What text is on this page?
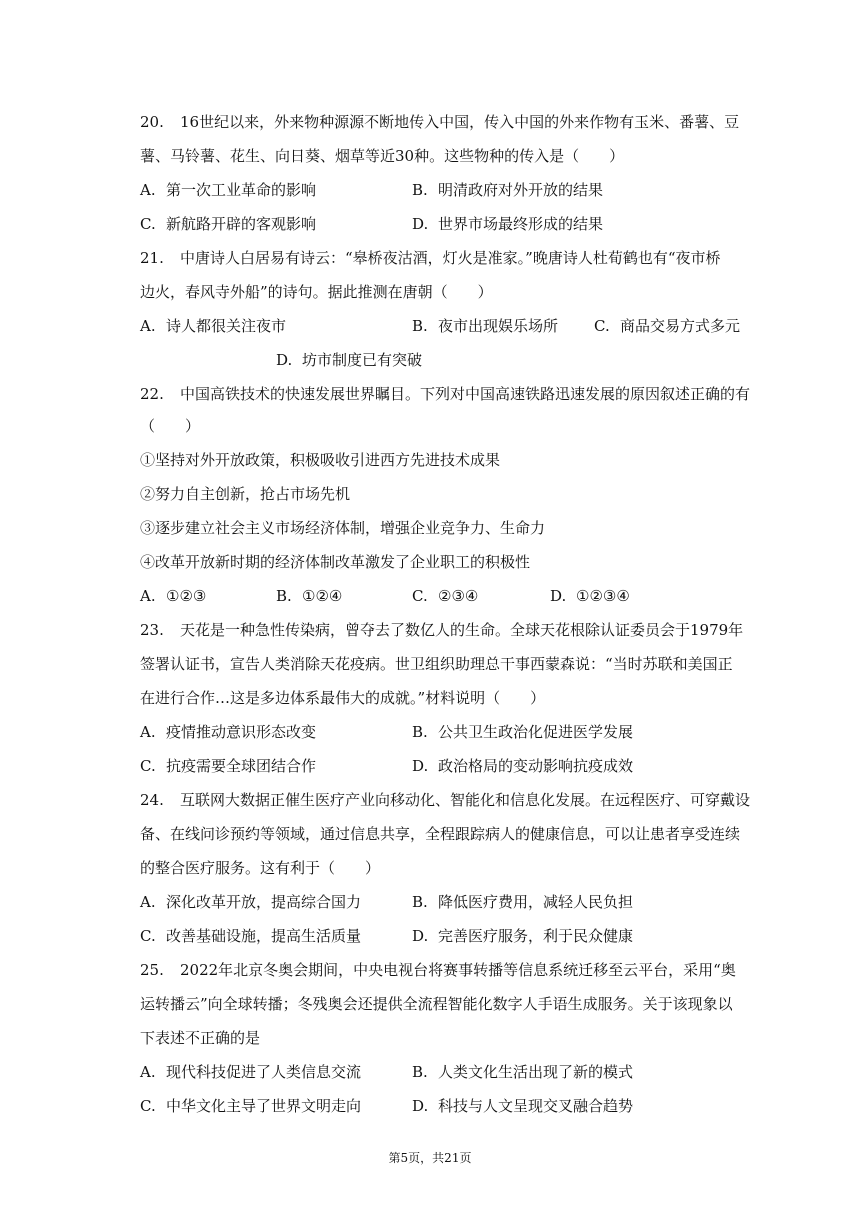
20. 16世纪以来，外来物种源源不断地传入中国，传入中国的外来作物有玉米、番薯、豆
薯、马铃薯、花生、向日葵、烟草等近30种。这些物种的传入是（　　）
A. 第一次工业革命的影响	B. 明清政府对外开放的结果
C. 新航路开辟的客观影响	D. 世界市场最终形成的结果
21. 中唐诗人白居易有诗云：“皋桥夜沽酒，灯火是准家。”晚唐诗人杜荀鹤也有“夜市桥
边火，春风寺外船”的诗句。据此推测在唐朝（　　）
A. 诗人都很关注夜市	B. 夜市出现娱乐场所 C. 商品交易方式多元
D. 坊市制度已有突破
22. 中国高铁技术的快速发展世界瞩目。下列对中国高速铁路迅速发展的原因叙述正确的有
（　　）
①坚持对外开放政策，积极吸收引进西方先进技术成果
②努力自主创新，抢占市场先机
③逐步建立社会主义市场经济体制，增强企业竞争力、生命力
④改革开放新时期的经济体制改革激发了企业职工的积极性
A. ①②③	B. ①②④	C. ②③④	D. ①②③④
23. 天花是一种急性传染病，曾夺去了数亿人的生命。全球天花根除认证委员会于1979年
签署认证书，宣告人类消除天花疫病。世卫组织助理总干事西蒙森说：“当时苏联和美国正
在进行合作…这是多边体系最伟大的成就。”材料说明（　　）
A. 疫情推动意识形态改变	B. 公共卫生政治化促进医学发展
C. 抗疫需要全球团结合作	D. 政治格局的变动影响抗疫成效
24. 互联网大数据正催生医疗产业向移动化、智能化和信息化发展。在远程医疗、可穿戴设
备、在线问诊预约等领域，通过信息共享，全程跟踪病人的健康信息，可以让患者享受连续
的整合医疗服务。这有利于（　　）
A. 深化改革开放，提高综合国力	B. 降低医疗费用，减轻人民负担
C. 改善基础设施，提高生活质量	D. 完善医疗服务，利于民众健康
25. 2022年北京冬奥会期间，中央电视台将赛事转播等信息系统迁移至云平台，采用“奥
运转播云”向全球转播；冬残奥会还提供全流程智能化数字人手语生成服务。关于该现象以
下表述不正确的是
A. 现代科技促进了人类信息交流	B. 人类文化生活出现了新的模式
C. 中华文化主导了世界文明走向	D. 科技与人文呈现交叉融合趋势
第5页，共21页
